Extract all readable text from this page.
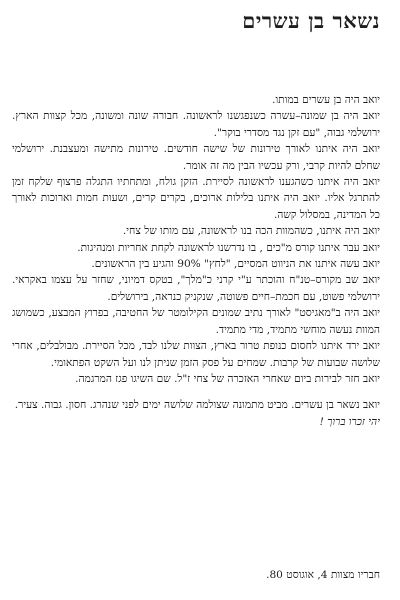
נשאר בן עשרים

יואב היה בן עשרים במותו.

יואב היה בן שמונה–עשרה כשנפגשנו לראשונה. חבורה שונה ומשונה, מכל קצוות הארץ. ירושלמי גבוה, "עם זקן נגד מסדרי בוקר".

יואב היה איתנו לאורך טירונות של שישה חודשים. טירונות מתישה ומעצבנת. ירושלמי שחלם להיות קרבי, ורק עכשיו הבין מה זה אומר.

יואב היה איתנו כשהגענו לראשונה לסיירת. הזקן גולח, ומתחתיו התגלה פרצוף שלקח זמן להתרגל אליו. יואב היה איתנו בלילות ארוכים, בקרים קרים, ושעות חמות וארוכות לאורך כל המדינה, במסלול קשה.

יואב היה איתנו, כשהמוות הכה בנו לראשונה, עם מותו של צחי.

יואב עבר איתנו קורס מ"כים , בו נדרשנו לראשונה לקחת אחריות ומנהיגות.

יואב עשה איתנו את הניווט המסיים, "לחץ" 90% והגיע בין הראשונים.

יואב שב מקורס–טנ"ח והוכתר ע"י קרני כ"מלך", בטקס דמיוני, שחזר על עצמו באקראי. ירושלמי פשוט, עם חכמת–חיים פשוטה, שנקניק כנראה, בירושלים.

יואב היה ב"מאגיסט" לאורך נתיב שמונים הקילומטר של החטיבה, בפרוץ המבצע, כשמושג המוות נעשה מוחשי מתמיד, מדי מתמיד.

יואב ירד איתנו לחסום כנופת טרור בארץ, הצוות שלנו לבד, מכל הסיירת. מבולבלים, אחרי שלושה שבועות של קרבות. שמחים על פסק הזמן שניתן לנו ועל השקט הפתאומי.

יואב חזר לבירות ביום שאחרי האזכרה של צחי ז"ל. שם השיגו פגז המרגמה.

יואב נשאר בן עשרים. מביט מתמונה שצולמה שלושה ימים לפני שנהרג. חסון. גבוה. צעיר.

יהי זכרו ברוך !

חבריו מצוות 4, אוגוסט 80.
